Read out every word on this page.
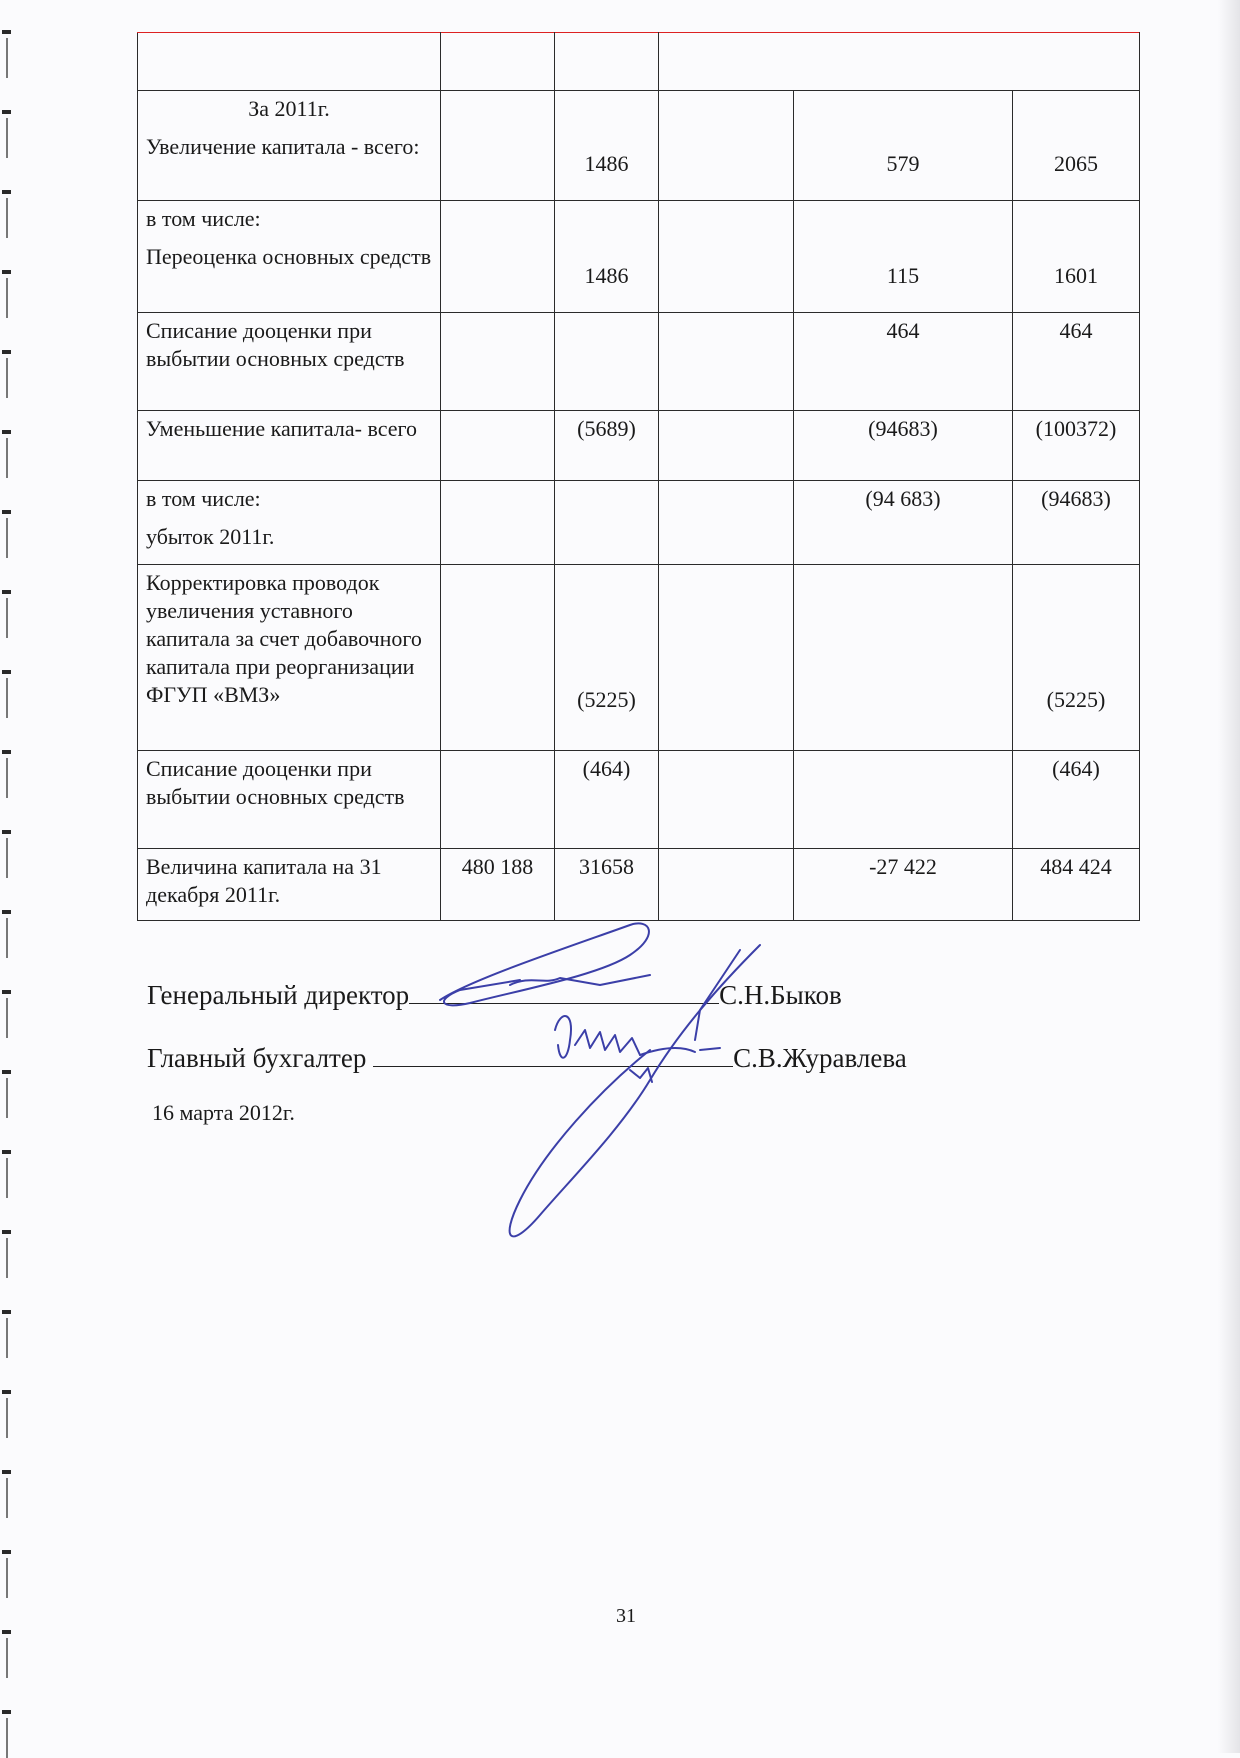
За 2011г.
Увеличение капитала - всего:		1486		579	2065

в том числе:
Переоценка основных средств		1486		115	1601

Списание дооценки при выбытии основных средств				464	464

Уменьшение капитала- всего		(5689)		(94683)	(100372)

в том числе:
убыток 2011г.				(94 683)	(94683)

Корректировка проводок увеличения уставного капитала за счет добавочного капитала при реорганизации ФГУП «ВМЗ»		(5225)			(5225)

Списание дооценки при выбытии основных средств		(464)			(464)

Величина капитала на 31 декабря 2011г.	480 188	31658		-27 422	484 424
Генеральный директор	С.Н.Быков
Главный бухгалтер	С.В.Журавлева
16 марта 2012г.
31
